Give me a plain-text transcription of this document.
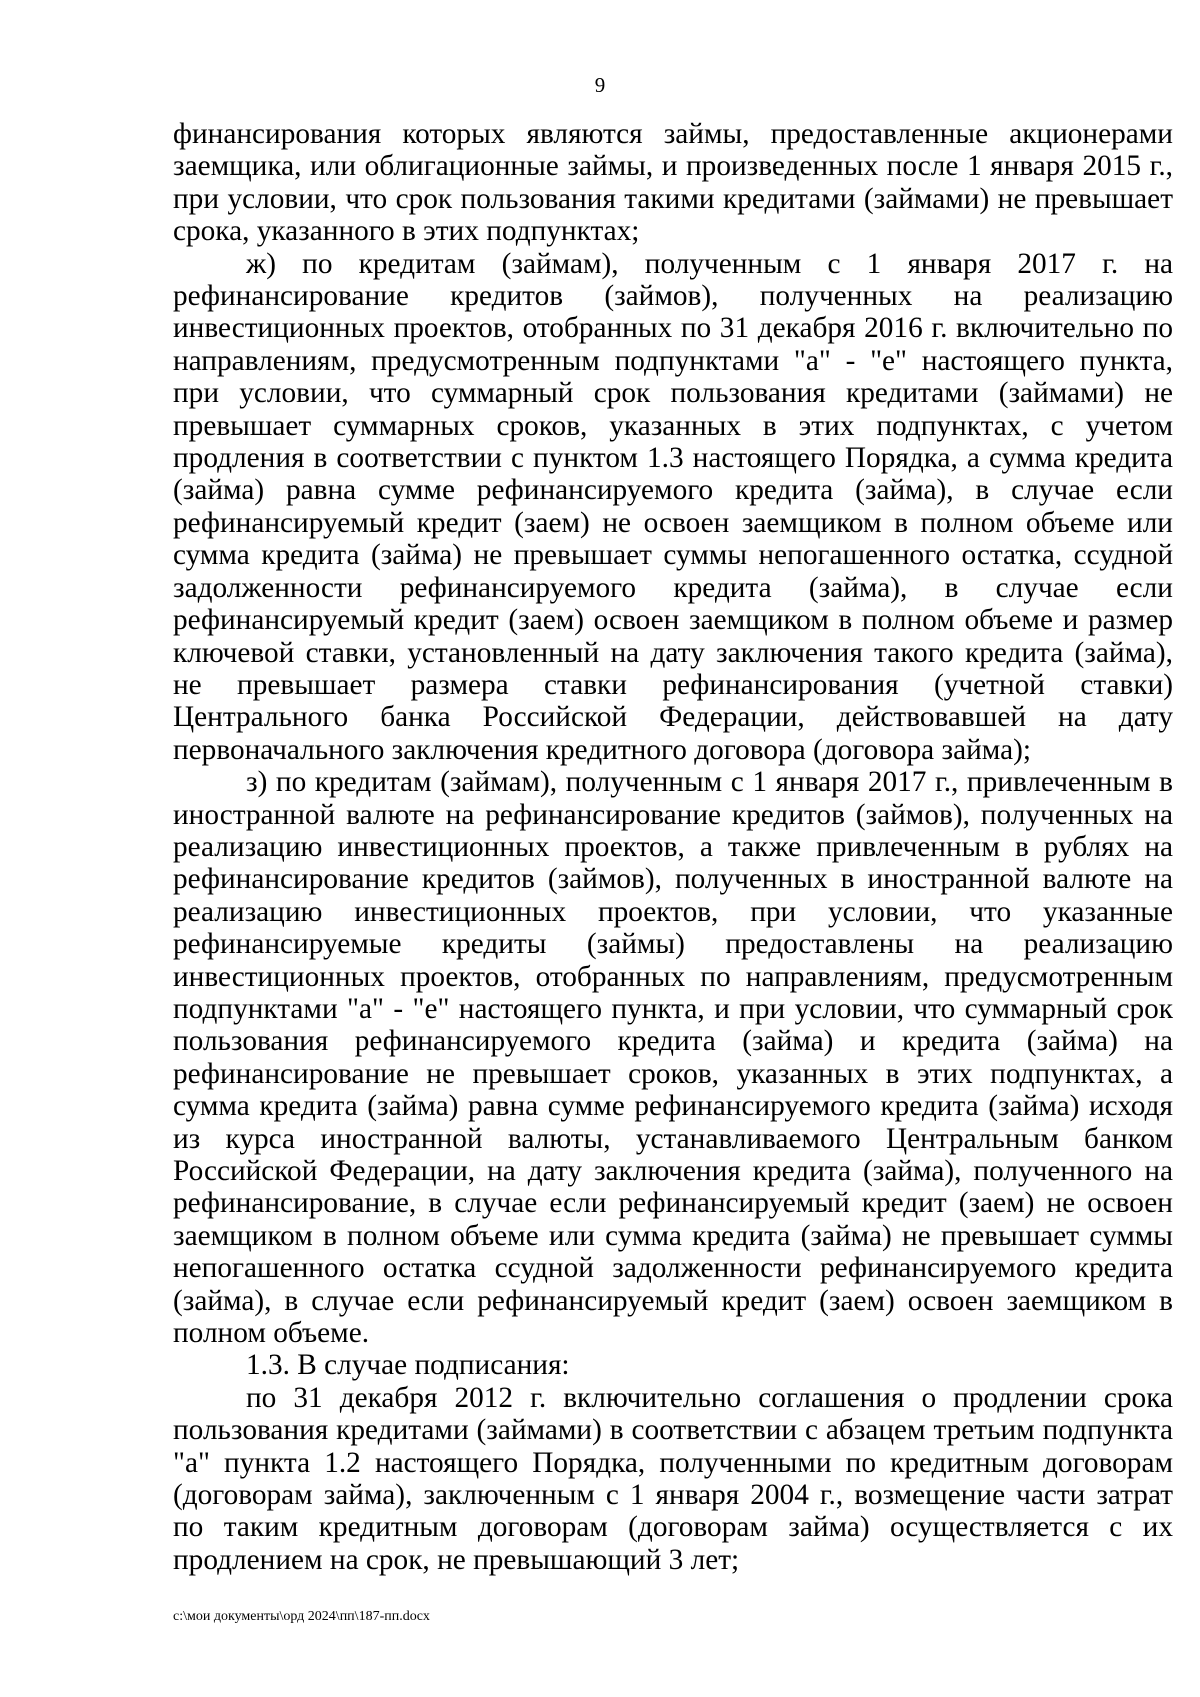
9

финансирования которых являются займы, предоставленные акционерами заемщика, или облигационные займы, и произведенных после 1 января 2015 г., при условии, что срок пользования такими кредитами (займами) не превышает срока, указанного в этих подпунктах;

ж) по кредитам (займам), полученным с 1 января 2017 г. на рефинансирование кредитов (займов), полученных на реализацию инвестиционных проектов, отобранных по 31 декабря 2016 г. включительно по направлениям, предусмотренным подпунктами "а" - "е" настоящего пункта, при условии, что суммарный срок пользования кредитами (займами) не превышает суммарных сроков, указанных в этих подпунктах, с учетом продления в соответствии с пунктом 1.3 настоящего Порядка, а сумма кредита (займа) равна сумме рефинансируемого кредита (займа), в случае если рефинансируемый кредит (заем) не освоен заемщиком в полном объеме или сумма кредита (займа) не превышает суммы непогашенного остатка, ссудной задолженности рефинансируемого кредита (займа), в случае если рефинансируемый кредит (заем) освоен заемщиком в полном объеме и размер ключевой ставки, установленный на дату заключения такого кредита (займа), не превышает размера ставки рефинансирования (учетной ставки) Центрального банка Российской Федерации, действовавшей на дату первоначального заключения кредитного договора (договора займа);

з) по кредитам (займам), полученным с 1 января 2017 г., привлеченным в иностранной валюте на рефинансирование кредитов (займов), полученных на реализацию инвестиционных проектов, а также привлеченным в рублях на рефинансирование кредитов (займов), полученных в иностранной валюте на реализацию инвестиционных проектов, при условии, что указанные рефинансируемые кредиты (займы) предоставлены на реализацию инвестиционных проектов, отобранных по направлениям, предусмотренным подпунктами "а" - "е" настоящего пункта, и при условии, что суммарный срок пользования рефинансируемого кредита (займа) и кредита (займа) на рефинансирование не превышает сроков, указанных в этих подпунктах, а сумма кредита (займа) равна сумме рефинансируемого кредита (займа) исходя из курса иностранной валюты, устанавливаемого Центральным банком Российской Федерации, на дату заключения кредита (займа), полученного на рефинансирование, в случае если рефинансируемый кредит (заем) не освоен заемщиком в полном объеме или сумма кредита (займа) не превышает суммы непогашенного остатка ссудной задолженности рефинансируемого кредита (займа), в случае если рефинансируемый кредит (заем) освоен заемщиком в полном объеме.

1.3. В случае подписания:

по 31 декабря 2012 г. включительно соглашения о продлении срока пользования кредитами (займами) в соответствии с абзацем третьим подпункта "а" пункта 1.2 настоящего Порядка, полученными по кредитным договорам (договорам займа), заключенным с 1 января 2004 г., возмещение части затрат по таким кредитным договорам (договорам займа) осуществляется с их продлением на срок, не превышающий 3 лет;

c:\мои документы\орд 2024\пп\187-пп.docx
